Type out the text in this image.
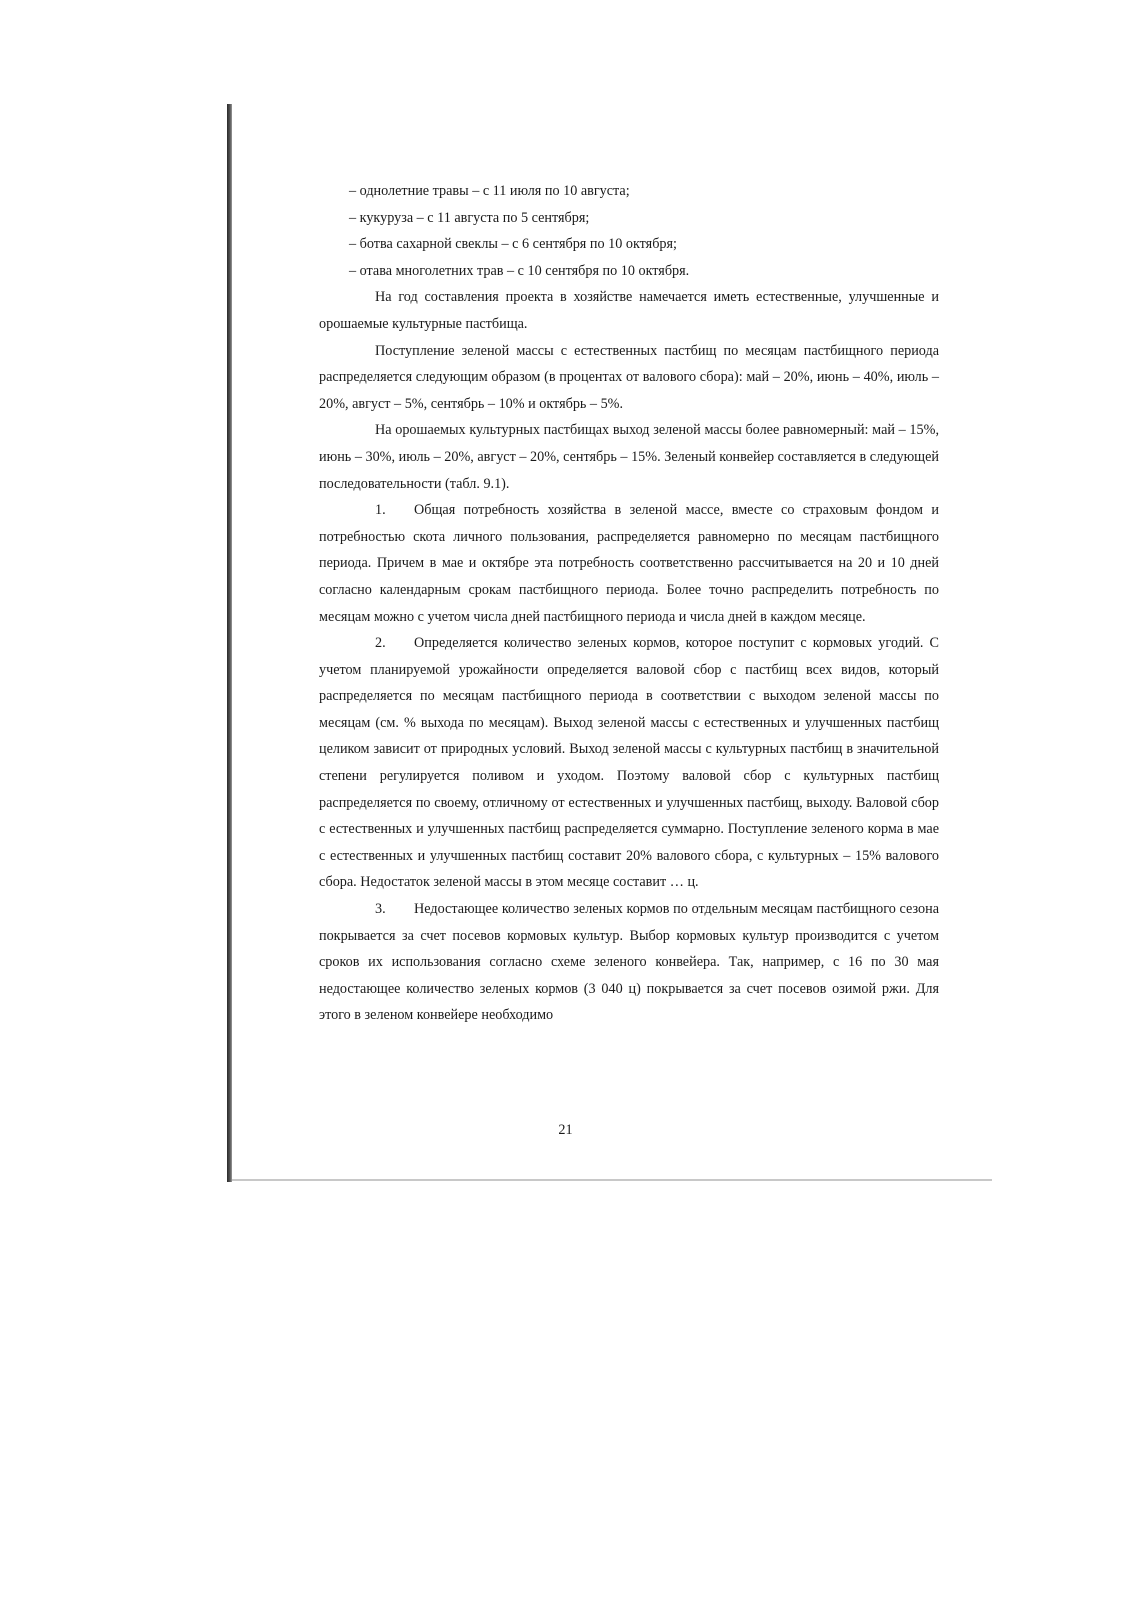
– однолетние травы – с 11 июля по 10 августа;

– кукуруза – с 11 августа по 5 сентября;

– ботва сахарной свеклы – с 6 сентября по 10 октября;

– отава многолетних трав – с 10 сентября по 10 октября.

На год составления проекта в хозяйстве намечается иметь естественные, улучшенные и орошаемые культурные пастбища.

Поступление зеленой массы с естественных пастбищ по месяцам пастбищного периода распределяется следующим образом (в процентах от валового сбора): май – 20%, июнь – 40%, июль – 20%, август – 5%, сентябрь – 10% и октябрь – 5%.

На орошаемых культурных пастбищах выход зеленой массы более равномерный: май – 15%, июнь – 30%, июль – 20%, август – 20%, сентябрь – 15%. Зеленый конвейер составляется в следующей последовательности (табл. 9.1).

1.  Общая потребность хозяйства в зеленой массе, вместе со страховым фондом и потребностью скота личного пользования, распределяется равномерно по месяцам пастбищного периода. Причем в мае и октябре эта потребность соответственно рассчитывается на 20 и 10 дней согласно календарным срокам пастбищного периода. Более точно распределить потребность по месяцам можно с учетом числа дней пастбищного периода и числа дней в каждом месяце.

2.  Определяется количество зеленых кормов, которое поступит с кормовых угодий. С учетом планируемой урожайности определяется валовой сбор с пастбищ всех видов, который распределяется по месяцам пастбищного периода в соответствии с выходом зеленой массы по месяцам (см. % выхода по месяцам). Выход зеленой массы с естественных и улучшенных пастбищ целиком зависит от природных условий. Выход зеленой массы с культурных пастбищ в значительной степени регулируется поливом и уходом. Поэтому валовой сбор с культурных пастбищ распределяется по своему, отличному от естественных и улучшенных пастбищ, выходу. Валовой сбор с естественных и улучшенных пастбищ распределяется суммарно. Поступление зеленого корма в мае с естественных и улучшенных пастбищ составит 20% валового сбора, с культурных – 15% валового сбора. Недостаток зеленой массы в этом месяце составит … ц.

3.  Недостающее количество зеленых кормов по отдельным месяцам пастбищного сезона покрывается за счет посевов кормовых культур. Выбор кормовых культур производится с учетом сроков их использования согласно схеме зеленого конвейера. Так, например, с 16 по 30 мая недостающее количество зеленых кормов (3 040 ц) покрывается за счет посевов озимой ржи. Для этого в зеленом конвейере необходимо

21
